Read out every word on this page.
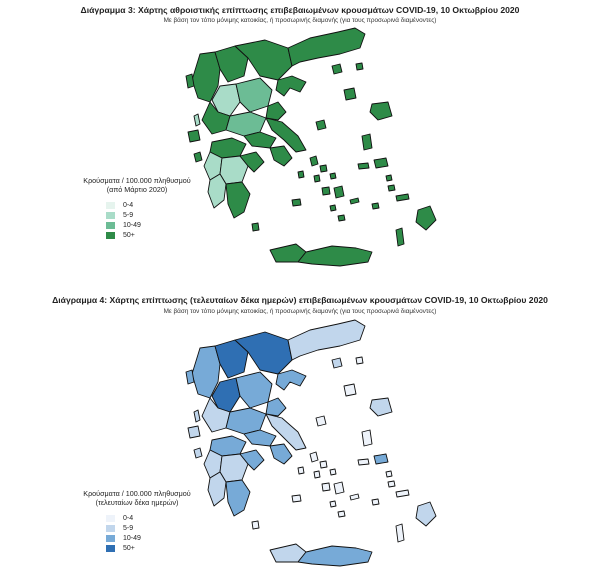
Διάγραμμα 3: Χάρτης αθροιστικής επίπτωσης επιβεβαιωμένων κρουσμάτων COVID-19, 10 Οκτωβρίου 2020
Με βάση τον τόπο μόνιμης κατοικίας, ή προσωρινής διαμονής (για τους προσωρινά διαμένοντες)
Κρούσματα / 100.000 πληθυσμού
(από Μάρτιο 2020)
0-4
5-9
10-49
50+
Διάγραμμα 4: Χάρτης επίπτωσης (τελευταίων δέκα ημερών) επιβεβαιωμένων κρουσμάτων COVID-19, 10 Οκτωβρίου 2020
Με βάση τον τόπο μόνιμης κατοικίας, ή προσωρινής διαμονής (για τους προσωρινά διαμένοντες)
Κρούσματα / 100.000 πληθυσμού
(τελευταίων δέκα ημερών)
0-4
5-9
10-49
50+
